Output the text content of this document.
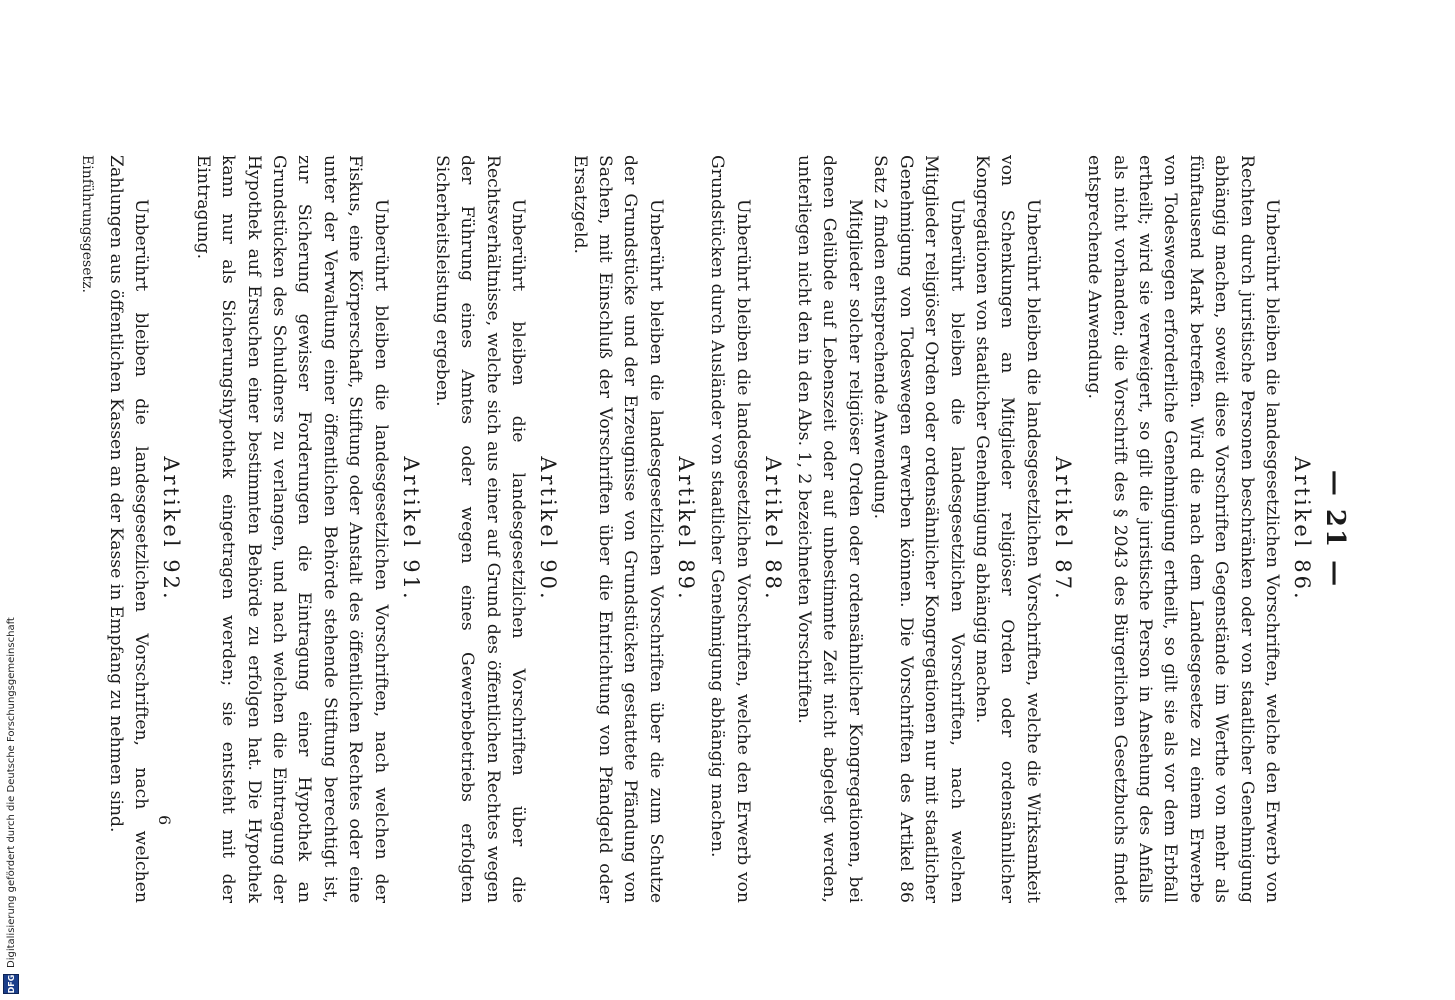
— 21 —
Artikel 86.

Unberührt bleiben die landesgesetzlichen Vorschriften, welche den Erwerb von Rechten durch juristische Personen beschränken oder von staatlicher Genehmigung abhängig machen, soweit diese Vorschriften Gegenstände im Werthe von mehr als fünftausend Mark betreffen. Wird die nach dem Landesgesetze zu einem Erwerbe von Todeswegen erforderliche Genehmigung ertheilt, so gilt sie als vor dem Erbfall ertheilt; wird sie verweigert, so gilt die juristische Person in Ansehung des Anfalls als nicht vorhanden; die Vorschrift des § 2043 des Bürgerlichen Gesetzbuchs findet entsprechende Anwendung.

Artikel 87.

Unberührt bleiben die landesgesetzlichen Vorschriften, welche die Wirksamkeit von Schenkungen an Mitglieder religiöser Orden oder ordensähnlicher Kongregationen von staatlicher Genehmigung abhängig machen.

Unberührt bleiben die landesgesetzlichen Vorschriften, nach welchen Mitglieder religiöser Orden oder ordensähnlicher Kongregationen nur mit staatlicher Genehmigung von Todeswegen erwerben können. Die Vorschriften des Artikel 86 Satz 2 finden entsprechende Anwendung.

Mitglieder solcher religiöser Orden oder ordensähnlicher Kongregationen, bei denen Gelübde auf Lebenszeit oder auf unbestimmte Zeit nicht abgelegt werden, unterliegen nicht den in den Abs. 1, 2 bezeichneten Vorschriften.

Artikel 88.

Unberührt bleiben die landesgesetzlichen Vorschriften, welche den Erwerb von Grundstücken durch Ausländer von staatlicher Genehmigung abhängig machen.

Artikel 89.

Unberührt bleiben die landesgesetzlichen Vorschriften über die zum Schutze der Grundstücke und der Erzeugnisse von Grundstücken gestattete Pfändung von Sachen, mit Einschluß der Vorschriften über die Entrichtung von Pfandgeld oder Ersatzgeld.

Artikel 90.

Unberührt bleiben die landesgesetzlichen Vorschriften über die Rechtsverhältnisse, welche sich aus einer auf Grund des öffentlichen Rechtes wegen der Führung eines Amtes oder wegen eines Gewerbebetriebs erfolgten Sicherheitsleistung ergeben.

Artikel 91.

Unberührt bleiben die landesgesetzlichen Vorschriften, nach welchen der Fiskus, eine Körperschaft, Stiftung oder Anstalt des öffentlichen Rechtes oder eine unter der Verwaltung einer öffentlichen Behörde stehende Stiftung berechtigt ist, zur Sicherung gewisser Forderungen die Eintragung einer Hypothek an Grundstücken des Schuldners zu verlangen, und nach welchen die Eintragung der Hypothek auf Ersuchen einer bestimmten Behörde zu erfolgen hat. Die Hypothek kann nur als Sicherungshypothek eingetragen werden; sie entsteht mit der Eintragung.

Artikel 92.

Unberührt bleiben die landesgesetzlichen Vorschriften, nach welchen Zahlungen aus öffentlichen Kassen an der Kasse in Empfang zu nehmen sind.

Einführungsgesetz.
6
DFG
Digitalisierung gefördert durch die Deutsche Forschungsgemeinschaft
